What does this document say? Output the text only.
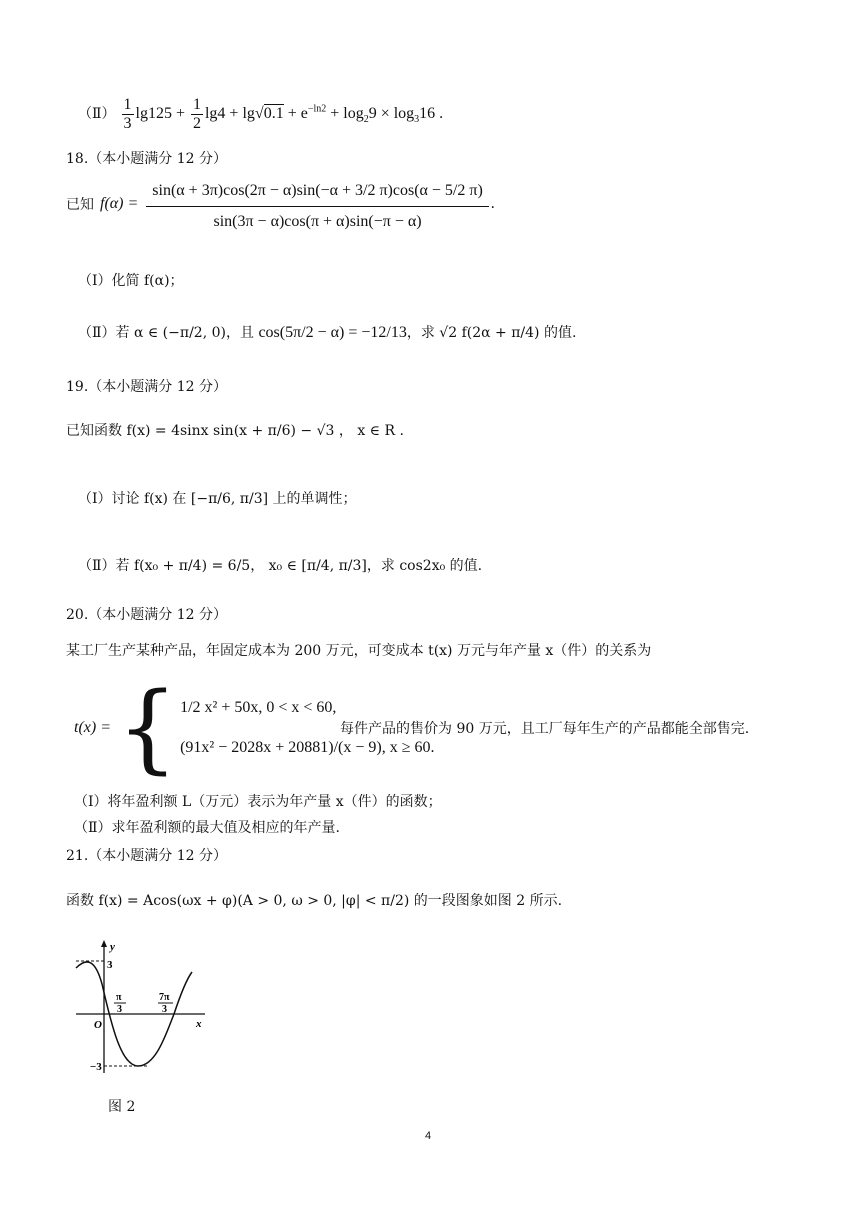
（Ⅱ） $\frac{1}{3} \lg 125 + \frac{1}{2} \lg 4 + \lg√0.1 + e^{-ln2} + \log_29 \times \log_316$ .
18.（本小题满分 12 分）
已知 $f(\alpha) = \frac{\sin(\alpha + 3\pi)\cos(2\pi - \alpha)\sin(-\alpha + 3/2 \pi)\cos(\alpha - 5/2 \pi)}{\sin(3\pi - \alpha)\cos(\pi + \alpha)\sin(-\pi - \alpha)}$ .
（Ⅰ）化简 f(α)；
（Ⅱ）若 α ∈ (−π/2, 0)，且 cos(5π/2 − α) = −12/13，求 √2 f(2α + π/4) 的值.
19.（本小题满分 12 分）
已知函数 f(x) = 4sinx sin(x + π/6) − √3 ， x ∈ R .
（Ⅰ）讨论 f(x) 在 [−π/6, π/3] 上的单调性；
（Ⅱ）若 f(x₀ + π/4) = 6/5， x₀ ∈ [π/4, π/3]，求 cos2x₀ 的值.
20.（本小题满分 12 分）
某工厂生产某种产品，年固定成本为 200 万元，可变成本 t(x) 万元与年产量 x（件）的关系为
t(x) = { 1/2 x² + 50x, 0 < x < 60,
(91x² − 2028x + 20881)/(x − 9), x ≥ 60.
每件产品的售价为 90 万元，且工厂每年生产的产品都能全部售完.
（Ⅰ）将年盈利额 L（万元）表示为年产量 x（件）的函数；
（Ⅱ）求年盈利额的最大值及相应的年产量.
21.（本小题满分 12 分）
函数 f(x) = Acos(ωx + φ)(A > 0, ω > 0, |φ| < π/2) 的一段图象如图 2 所示.
y
x
O
3
−3
π
3
7π
3
图 2
4
